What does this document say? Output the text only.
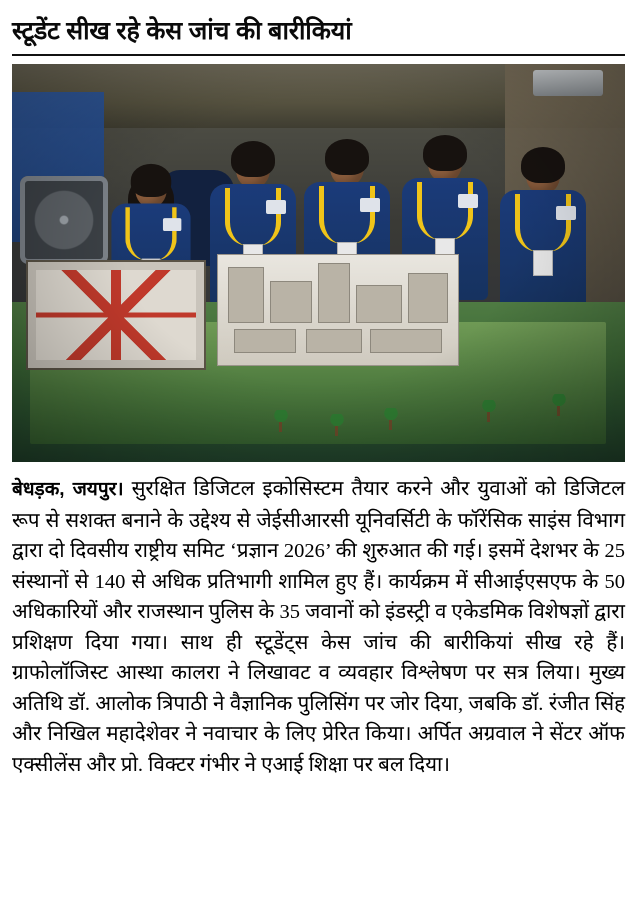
स्टूडेंट सीख रहे केस जांच की बारीकियां
बेधड़क, जयपुर। सुरक्षित डिजिटल इकोसिस्टम तैयार करने और युवाओं को डिजिटल रूप से सशक्त बनाने के उद्देश्य से जेईसीआरसी यूनिवर्सिटी के फॉरेंसिक साइंस विभाग द्वारा दो दिवसीय राष्ट्रीय समिट ‘प्रज्ञान 2026’ की शुरुआत की गई। इसमें देशभर के 25 संस्थानों से 140 से अधिक प्रतिभागी शामिल हुए हैं। कार्यक्रम में सीआईएसएफ के 50 अधिकारियों और राजस्थान पुलिस के 35 जवानों को इंडस्ट्री व एकेडमिक विशेषज्ञों द्वारा प्रशिक्षण दिया गया। साथ ही स्टूडेंट्स केस जांच की बारीकियां सीख रहे हैं। ग्राफोलॉजिस्ट आस्था कालरा ने लिखावट व व्यवहार विश्लेषण पर सत्र लिया। मुख्य अतिथि डॉ. आलोक त्रिपाठी ने वैज्ञानिक पुलिसिंग पर जोर दिया, जबकि डॉ. रंजीत सिंह और निखिल महादेशेवर ने नवाचार के लिए प्रेरित किया। अर्पित अग्रवाल ने सेंटर ऑफ एक्सीलेंस और प्रो. विक्टर गंभीर ने एआई शिक्षा पर बल दिया।
